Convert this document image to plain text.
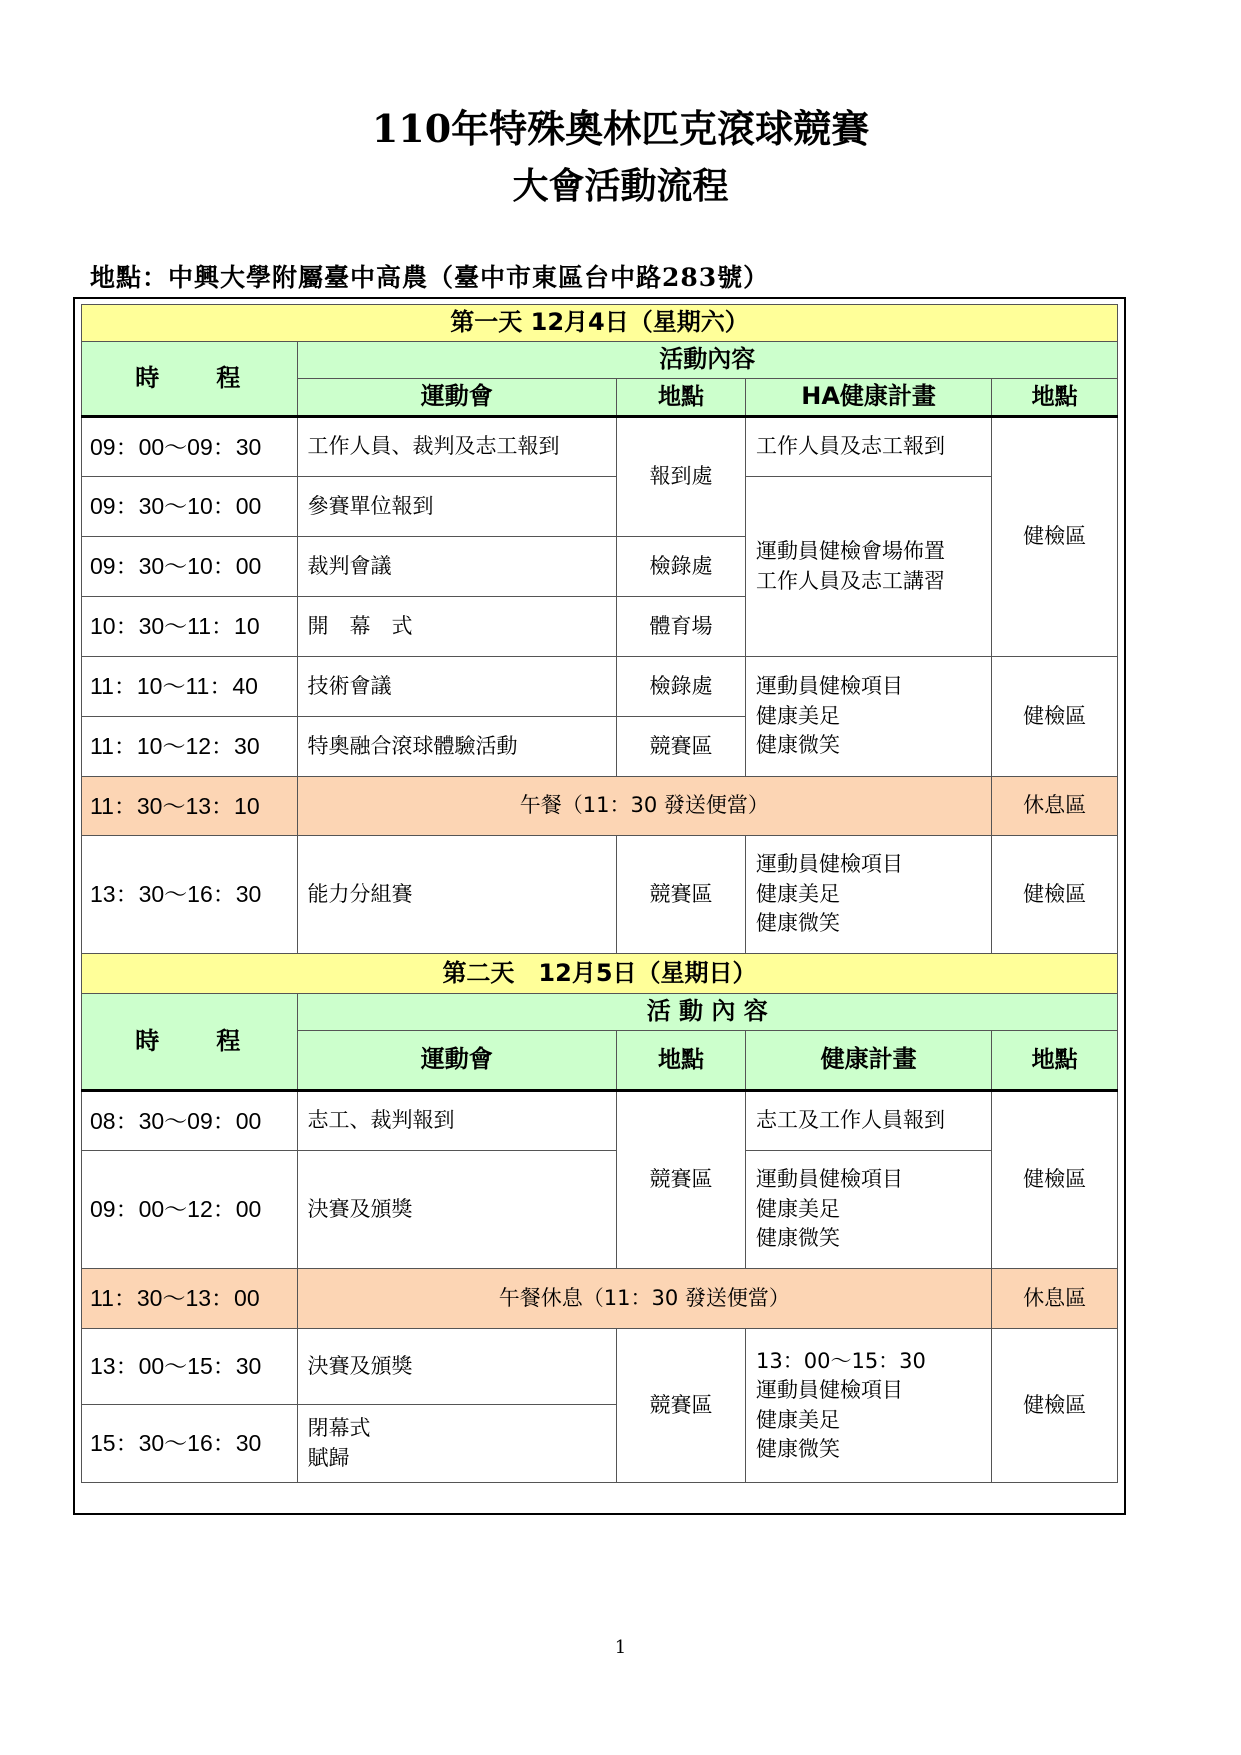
110年特殊奧林匹克滾球競賽
大會活動流程
地點：中興大學附屬臺中高農（臺中市東區台中路283號）
第一天 12月4日（星期六）				
時　　程	活動內容			
	運動會	地點	HA健康計畫	地點
09：00～09：30	工作人員、裁判及志工報到	報到處	工作人員及志工報到	健檢區
09：30～10：00	參賽單位報到		運動員健檢會場佈置
工作人員及志工講習	
09：30～10：00	裁判會議	檢錄處		
10：30～11：10	開　幕　式	體育場		
11：10～11：40	技術會議	檢錄處	運動員健檢項目
健康美足
健康微笑	健檢區
11：10～12：30	特奧融合滾球體驗活動	競賽區		
11：30～13：10	午餐（11：30 發送便當）			休息區
13：30～16：30	能力分組賽	競賽區	運動員健檢項目
健康美足
健康微笑	健檢區
第二天　12月5日（星期日）				
時　　程	活 動 內 容			
	運動會	地點	健康計畫	地點
08：30～09：00	志工、裁判報到	競賽區	志工及工作人員報到	健檢區
09：00～12：00	決賽及頒獎		運動員健檢項目
健康美足
健康微笑	
11：30～13：00	午餐休息（11：30 發送便當）			休息區
13：00～15：30	決賽及頒獎	競賽區	13：00～15：30
運動員健檢項目
健康美足
健康微笑	健檢區
15：30～16：30	閉幕式
賦歸			
1
